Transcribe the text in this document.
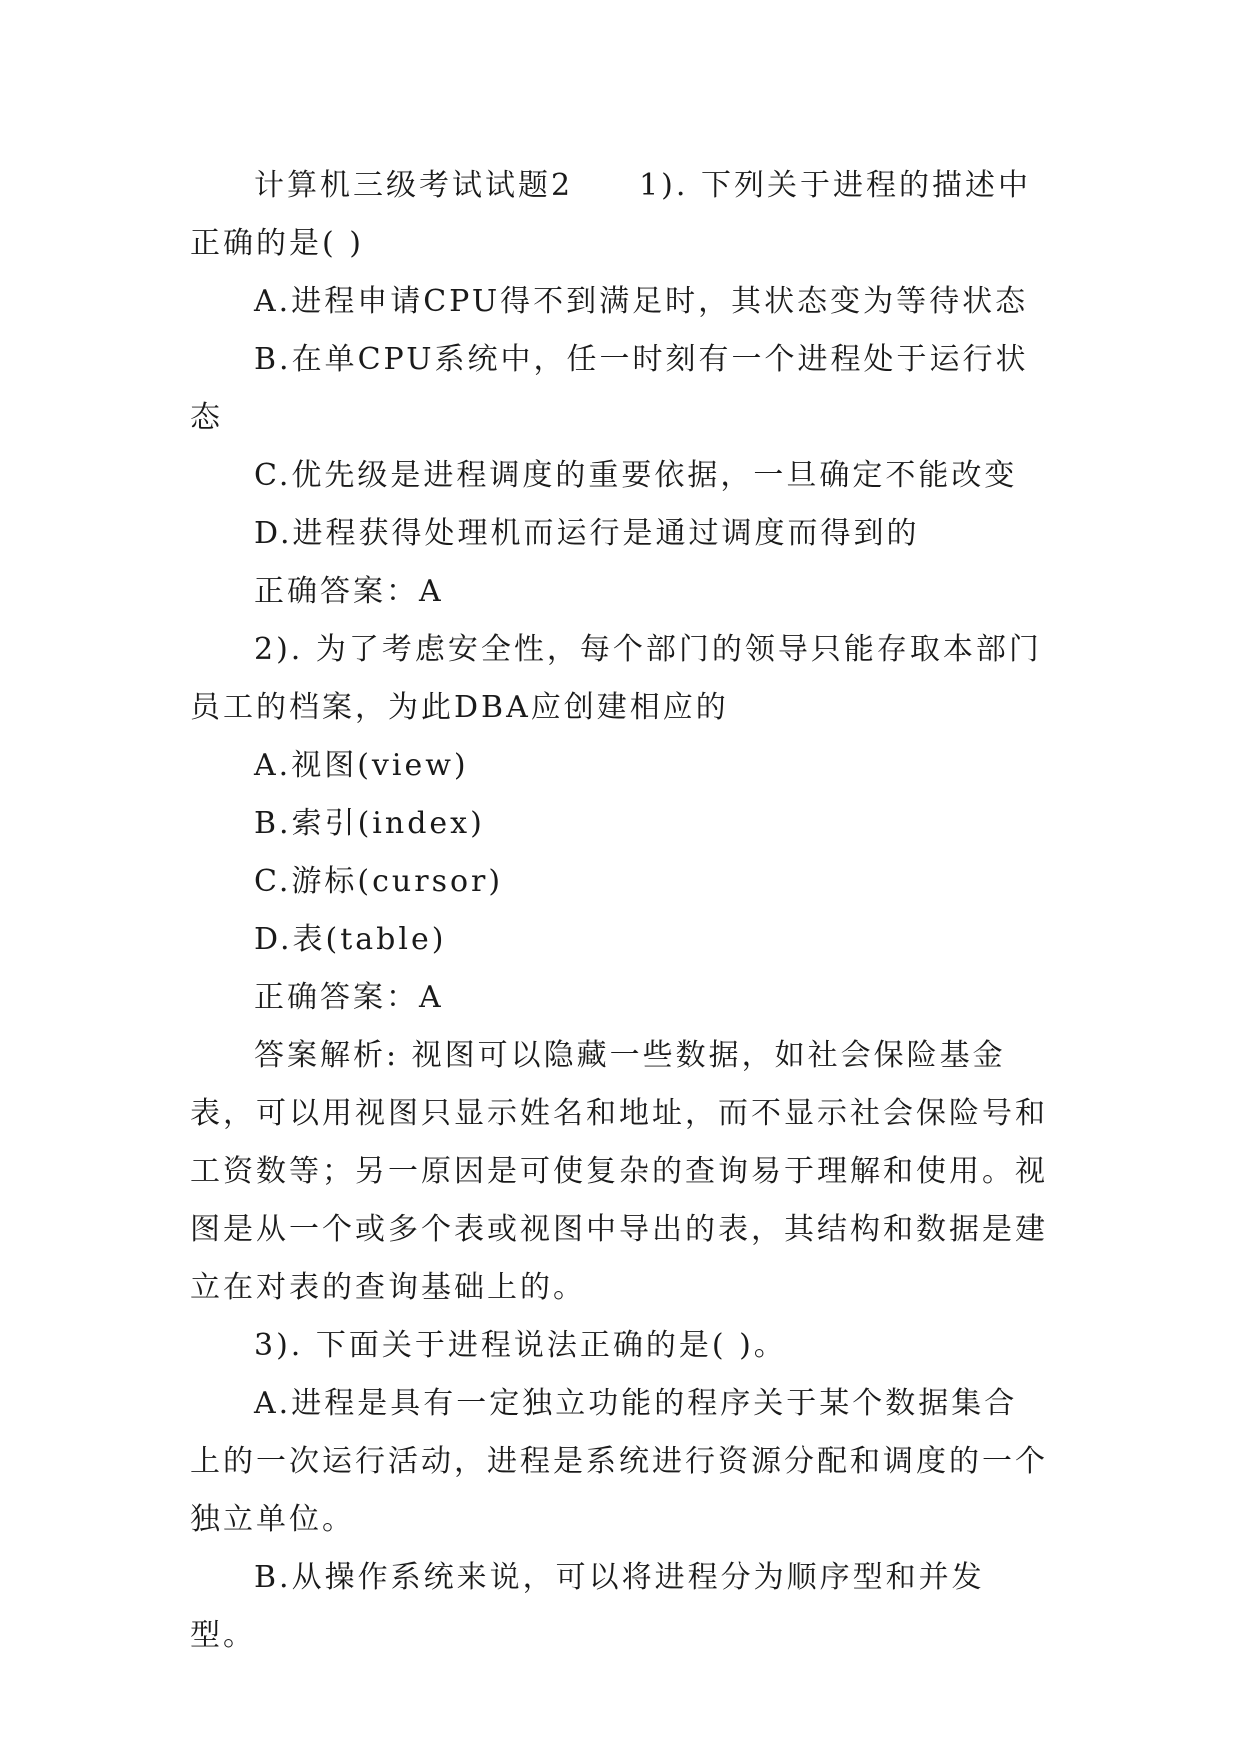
计算机三级考试试题2　　1). 下列关于进程的描述中正确的是( )

A.进程申请CPU得不到满足时，其状态变为等待状态

B.在单CPU系统中，任一时刻有一个进程处于运行状态

C.优先级是进程调度的重要依据，一旦确定不能改变

D.进程获得处理机而运行是通过调度而得到的

正确答案：A

2). 为了考虑安全性，每个部门的领导只能存取本部门员工的档案，为此DBA应创建相应的

A.视图(view)

B.索引(index)

C.游标(cursor)

D.表(table)

正确答案：A

答案解析: 视图可以隐藏一些数据，如社会保险基金表，可以用视图只显示姓名和地址，而不显示社会保险号和工资数等；另一原因是可使复杂的查询易于理解和使用。视图是从一个或多个表或视图中导出的表，其结构和数据是建立在对表的查询基础上的。

3). 下面关于进程说法正确的是( )。

A.进程是具有一定独立功能的程序关于某个数据集合上的一次运行活动，进程是系统进行资源分配和调度的一个独立单位。

B.从操作系统来说，可以将进程分为顺序型和并发型。
